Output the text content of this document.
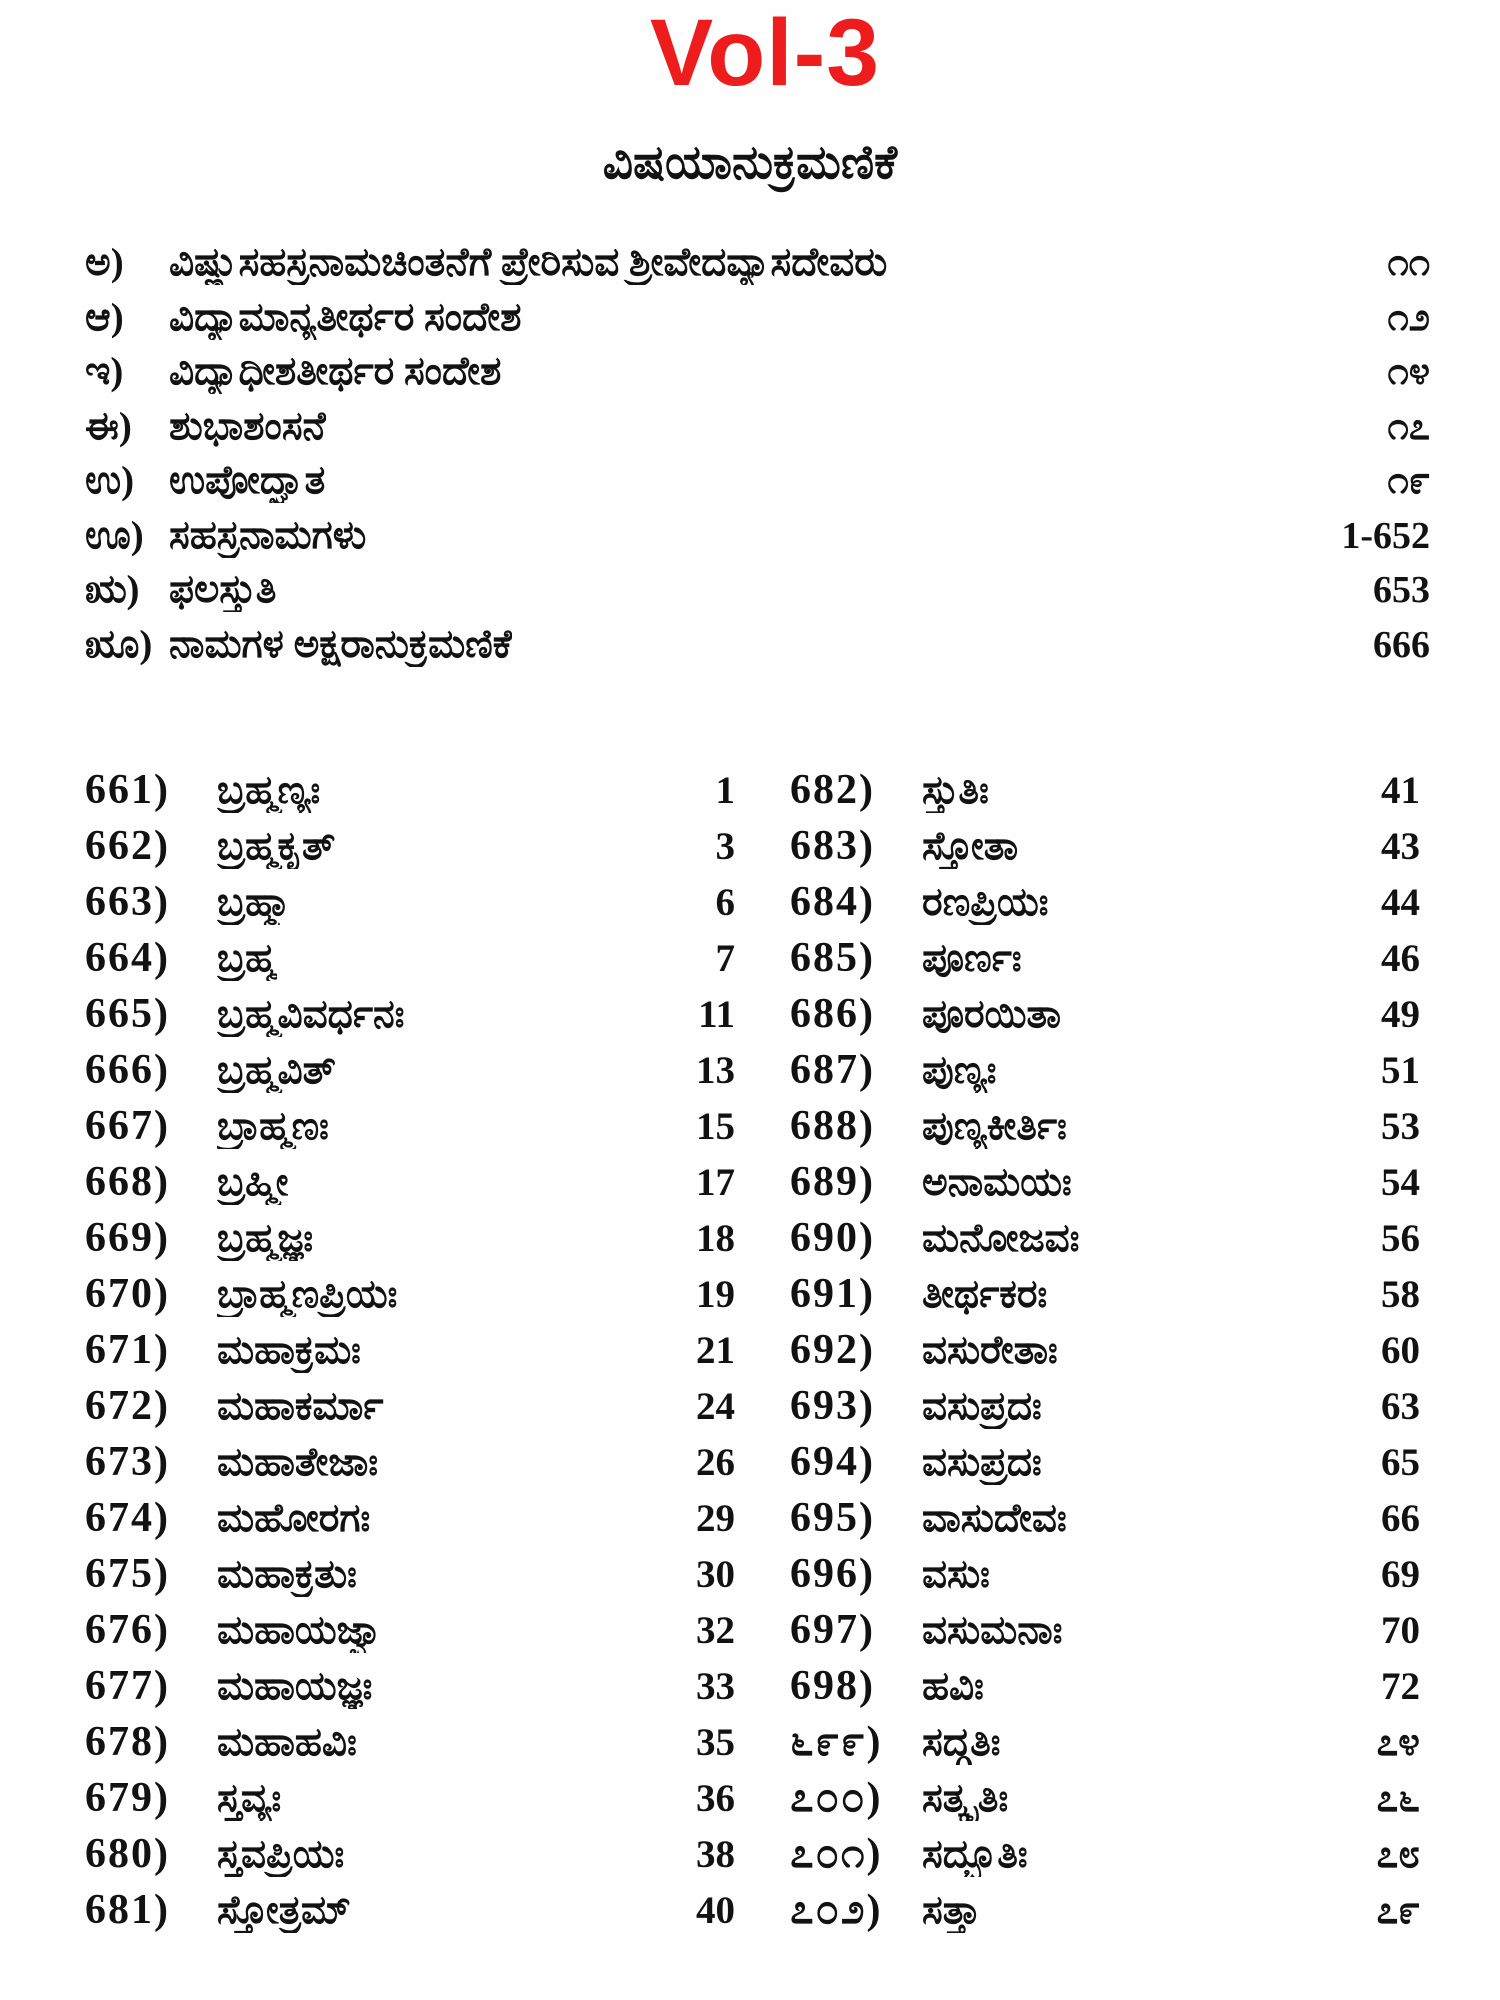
Vol-3
ವಿಷಯಾನುಕ್ರಮಣಿಕೆ
ಅ)	ವಿಷ್ಣುಸಹಸ್ರನಾಮಚಿಂತನೆಗೆ ಪ್ರೇರಿಸುವ ಶ್ರೀವೇದವ್ಯಾಸದೇವರು	೧೧
ಆ)	ವಿದ್ಯಾಮಾನ್ಯತೀರ್ಥರ ಸಂದೇಶ	೧೨
ಇ)	ವಿದ್ಯಾಧೀಶತೀರ್ಥರ ಸಂದೇಶ	೧೪
ಈ) ಶುಭಾಶಂಸನೆ	೧೭
ಉ) ಉಪೋದ್ಘಾತ	೧೯
ಊ) ಸಹಸ್ರನಾಮಗಳು	1-652
ಋ) ಫಲಸ್ತುತಿ	653
ೠ) ನಾಮಗಳ ಅಕ್ಷರಾನುಕ್ರಮಣಿಕೆ	666
661)	ಬ್ರಹ್ಮಣ್ಯಃ	1
662)	ಬ್ರಹ್ಮಕೃತ್	3
663)	ಬ್ರಹ್ಮಾ	6
664)	ಬ್ರಹ್ಮ	7
665)	ಬ್ರಹ್ಮವಿವರ್ಧನಃ	11
666)	ಬ್ರಹ್ಮವಿತ್	13
667)	ಬ್ರಾಹ್ಮಣಃ	15
668)	ಬ್ರಹ್ಮೀ	17
669)	ಬ್ರಹ್ಮಜ್ಞಃ	18
670)	ಬ್ರಾಹ್ಮಣಪ್ರಿಯಃ	19
671)	ಮಹಾಕ್ರಮಃ	21
672)	ಮಹಾಕರ್ಮಾ	24
673)	ಮಹಾತೇಜಾಃ	26
674)	ಮಹೋರಗಃ	29
675)	ಮಹಾಕ್ರತುಃ	30
676)	ಮಹಾಯಜ್ವಾ	32
677)	ಮಹಾಯಜ್ಞಃ	33
678)	ಮಹಾಹವಿಃ	35
679)	ಸ್ತವ್ಯಃ	36
680)	ಸ್ತವಪ್ರಿಯಃ	38
681)	ಸ್ತೋತ್ರಮ್	40
682)	ಸ್ತುತಿಃ	41
683)	ಸ್ತೋತಾ	43
684)	ರಣಪ್ರಿಯಃ	44
685)	ಪೂರ್ಣಃ	46
686)	ಪೂರಯಿತಾ	49
687)	ಪುಣ್ಯಃ	51
688)	ಪುಣ್ಯಕೀರ್ತಿಃ	53
689)	ಅನಾಮಯಃ	54
690)	ಮನೋಜವಃ	56
691)	ತೀರ್ಥಕರಃ	58
692)	ವಸುರೇತಾಃ	60
693)	ವಸುಪ್ರದಃ	63
694)	ವಸುಪ್ರದಃ	65
695)	ವಾಸುದೇವಃ	66
696)	ವಸುಃ	69
697)	ವಸುಮನಾಃ	70
698)	ಹವಿಃ	72
೬೯೯)	ಸದ್ಗತಿಃ	೭೪
೭೦೦)	ಸತ್ಕೃತಿಃ	೭೬
೭೦೧)	ಸದ್ಭೂತಿಃ	೭೮
೭೦೨)	ಸತ್ತಾ	೭೯
